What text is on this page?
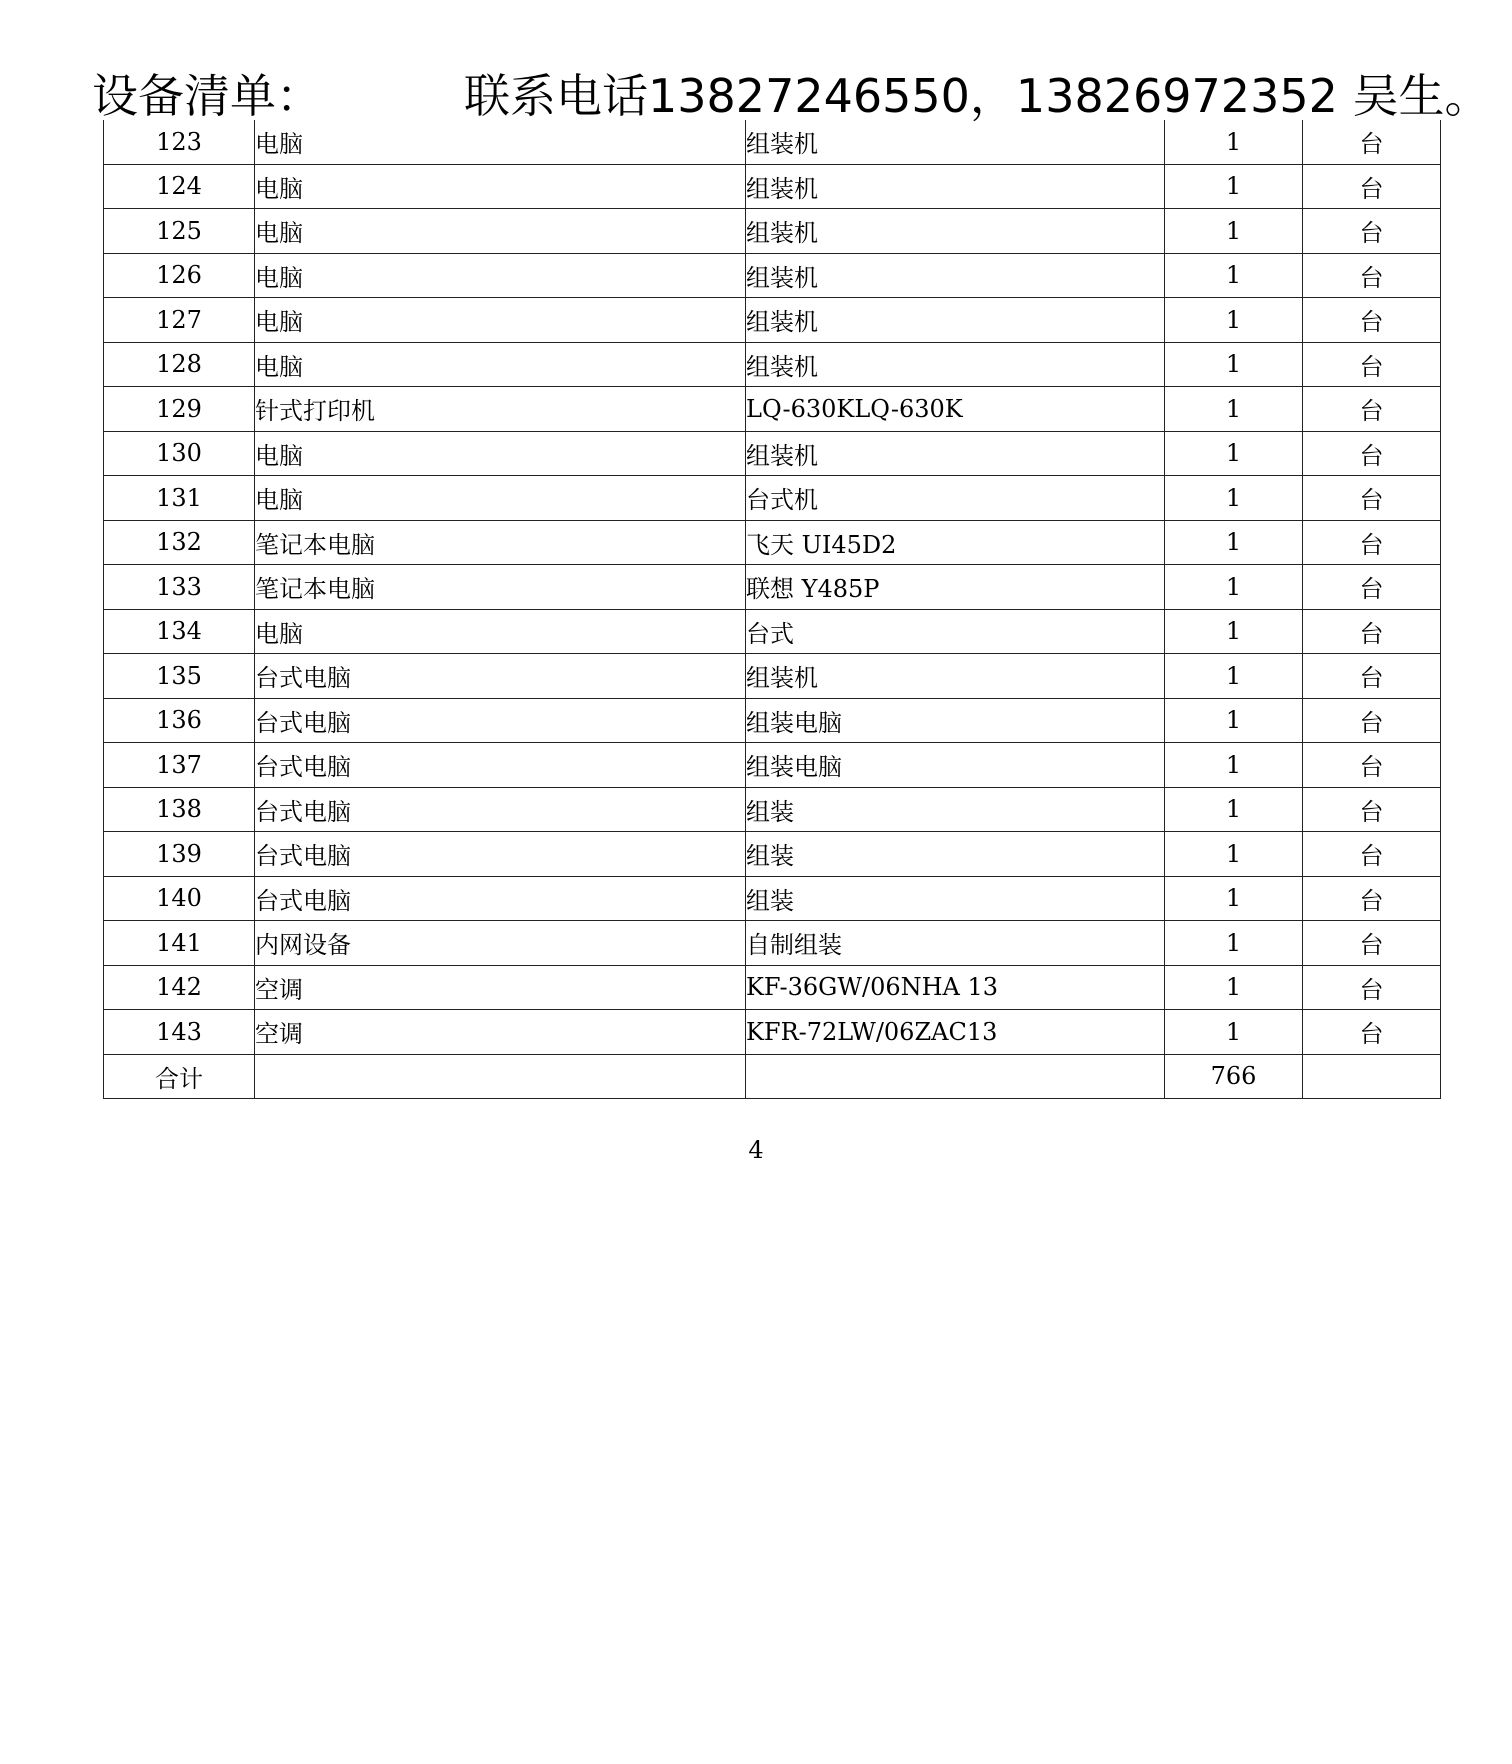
设备清单：	联系电话13827246550，13826972352 吴生。
123	电脑	组装机	1	台
124	电脑	组装机	1	台
125	电脑	组装机	1	台
126	电脑	组装机	1	台
127	电脑	组装机	1	台
128	电脑	组装机	1	台
129	针式打印机	LQ-630KLQ-630K	1	台
130	电脑	组装机	1	台
131	电脑	台式机	1	台
132	笔记本电脑	飞天 UI45D2	1	台
133	笔记本电脑	联想 Y485P	1	台
134	电脑	台式	1	台
135	台式电脑	组装机	1	台
136	台式电脑	组装电脑	1	台
137	台式电脑	组装电脑	1	台
138	台式电脑	组装	1	台
139	台式电脑	组装	1	台
140	台式电脑	组装	1	台
141	内网设备	自制组装	1	台
142	空调	KF-36GW/06NHA 13	1	台
143	空调	KFR-72LW/06ZAC13	1	台
合计			766	
4
